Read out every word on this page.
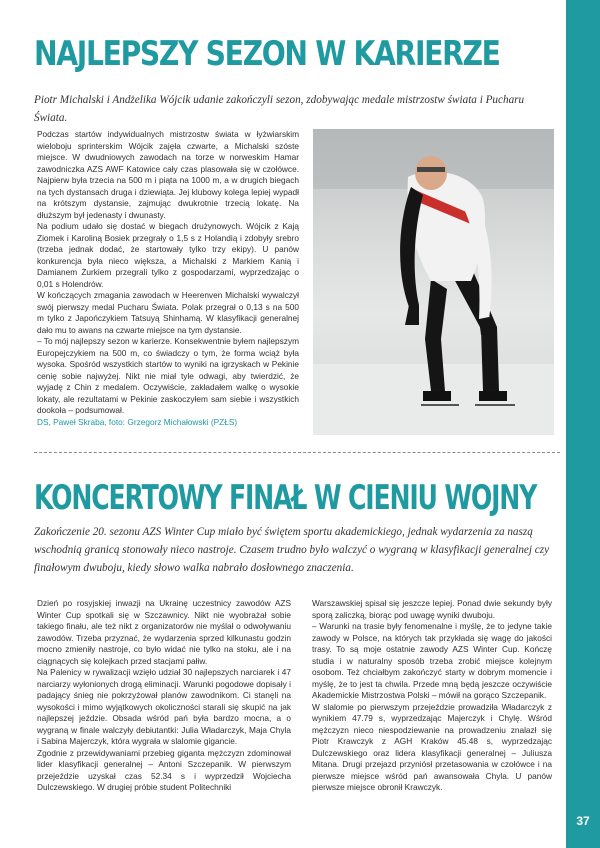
37
NAJLEPSZY SEZON W KARIERZE

Piotr Michalski i Andżelika Wójcik udanie zakończyli sezon, zdobywając medale mistrzostw świata i Pucharu Świata.

Podczas startów indywidualnych mistrzostw świata w łyżwiarskim wieloboju sprinterskim Wójcik zajęła czwarte, a Michalski szóste miejsce. W dwudniowych zawodach na torze w norweskim Hamar zawodniczka AZS AWF Katowice cały czas plasowała się w czołówce. Najpierw była trzecia na 500 m i piąta na 1000 m, a w drugich biegach na tych dystansach druga i dziewiąta. Jej klubowy kolega lepiej wypadł na krótszym dystansie, zajmując dwukrotnie trzecią lokatę. Na dłuższym był jedenasty i dwunasty.

Na podium udało się dostać w biegach drużynowych. Wójcik z Kają Ziomek i Karoliną Bosiek przegrały o 1,5 s z Holandią i zdobyły srebro (trzeba jednak dodać, że startowały tylko trzy ekipy). U panów konkurencja była nieco większa, a Michalski z Markiem Kanią i Damianem Żurkiem przegrali tylko z gospodarzami, wyprzedzając o 0,01 s Holendrów.

W kończących zmagania zawodach w Heerenven Michalski wywalczył swój pierwszy medal Pucharu Świata. Polak przegrał o 0,13 s na 500 m tylko z Japończykiem Tatsuyą Shinhamą. W klasyfikacji generalnej dało mu to awans na czwarte miejsce na tym dystansie.

– To mój najlepszy sezon w karierze. Konsekwentnie byłem najlepszym Europejczykiem na 500 m, co świadczy o tym, że forma wciąż była wysoka. Spośród wszystkich startów to wyniki na igrzyskach w Pekinie cenię sobie najwyżej. Nikt nie miał tyle odwagi, aby twierdzić, że wyjadę z Chin z medalem. Oczywiście, zakładałem walkę o wysokie lokaty, ale rezultatami w Pekinie zaskoczyłem sam siebie i wszystkich dookoła – podsumował.

DS, Paweł Skraba, foto: Grzegorz Michałowski (PZŁS)

KONCERTOWY FINAŁ W CIENIU WOJNY

Zakończenie 20. sezonu AZS Winter Cup miało być świętem sportu akademickiego, jednak wydarzenia za naszą wschodnią granicą stonowały nieco nastroje. Czasem trudno było walczyć o wygraną w klasyfikacji generalnej czy finałowym dwuboju, kiedy słowo walka nabrało dosłownego znaczenia.

Dzień po rosyjskiej inwazji na Ukrainę uczestnicy zawodów AZS Winter Cup spotkali się w Szczawnicy. Nikt nie wyobrażał sobie takiego finału, ale też nikt z organizatorów nie myślał o odwoływaniu zawodów. Trzeba przyznać, że wydarzenia sprzed kilkunastu godzin mocno zmieniły nastroje, co było widać nie tylko na stoku, ale i na ciągnących się kolejkach przed stacjami pałiw.

Na Palenicy w rywalizacji wzięło udział 30 najlepszych narciarek i 47 narciarzy wyłonionych drogą eliminacji. Warunki pogodowe dopisały i padający śnieg nie pokrzyżował planów zawodnikom. Ci stanęli na wysokości i mimo wyjątkowych okoliczności starali się skupić na jak najlepszej jeździe. Obsada wśród pań była bardzo mocna, a o wygraną w finale walczyły debiutantki: Julia Władarczyk, Maja Chyla i Sabina Majerczyk, która wygrała w slalomie gigancie.

Zgodnie z przewidywaniami przebieg giganta mężczyzn zdominował lider klasyfikacji generalnej – Antoni Szczepanik. W pierwszym przejeździe uzyskał czas 52.34 s i wyprzedził Wojciecha Dulczewskiego. W drugiej próbie student Politechniki

Warszawskiej spisał się jeszcze lepiej. Ponad dwie sekundy były sporą zaliczką, biorąc pod uwagę wyniki dwuboju.

– Warunki na trasie były fenomenalne i myślę, że to jedyne takie zawody w Polsce, na których tak przykłada się wagę do jakości trasy. To są moje ostatnie zawody AZS Winter Cup. Kończę studia i w naturalny sposób trzeba zrobić miejsce kolejnym osobom. Też chciałbym zakończyć starty w dobrym momencie i myślę, że to jest ta chwila. Przede mną będą jeszcze oczywiście Akademickie Mistrzostwa Polski – mówił na gorąco Szczepanik.

W slalomie po pierwszym przejeździe prowadziła Władarczyk z wynikiem 47.79 s, wyprzedzając Majerczyk i Chylę. Wśród mężczyzn nieco niespodziewanie na prowadzeniu znalazł się Piotr Krawczyk z AGH Kraków 45.48 s, wyprzedzając Dulczewskiego oraz lidera klasyfikacji generalnej – Juliusza Mitana. Drugi przejazd przyniósł przetasowania w czołówce i na pierwsze miejsce wśród pań awansowała Chyla. U panów pierwsze miejsce obronił Krawczyk.
